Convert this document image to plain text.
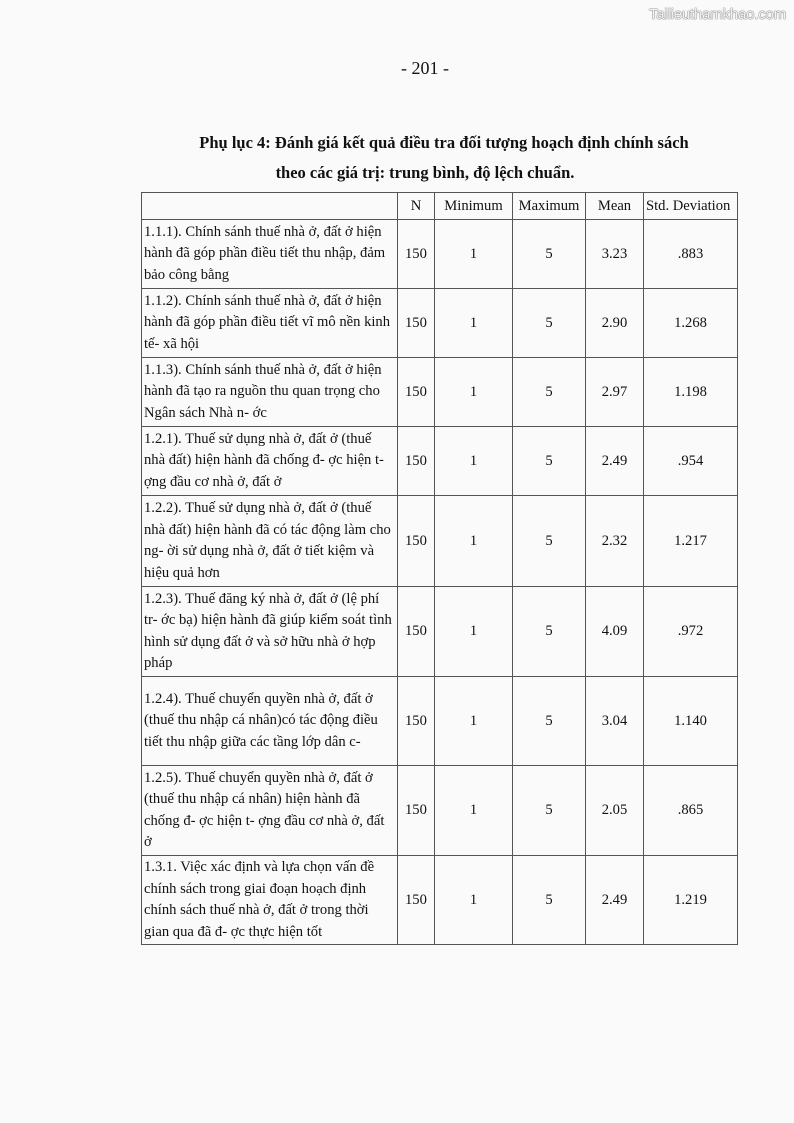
Tailieuthamkhao.com
- 201 -
Phụ lục 4: Đánh giá kết quả điều tra đối tượng hoạch định chính sách
theo các giá trị: trung bình, độ lệch chuẩn.
	N	Minimum	Maximum	Mean	Std. Deviation
1.1.1). Chính sánh thuế nhà ở, đất ở hiện hành đã góp phần điều tiết thu nhập, đảm bảo công bằng	150	1	5	3.23	.883
1.1.2). Chính sánh thuế nhà ở, đất ở hiện hành đã góp phần điều tiết vĩ mô nền kinh tế- xã hội	150	1	5	2.90	1.268
1.1.3). Chính sánh thuế nhà ở, đất ở hiện hành đã tạo ra nguồn thu quan trọng cho Ngân sách Nhà n- ớc	150	1	5	2.97	1.198
1.2.1). Thuế sử dụng nhà ở, đất ở (thuế nhà đất) hiện hành đã chống đ- ợc hiện t- ợng đầu cơ nhà ở, đất ở	150	1	5	2.49	.954
1.2.2). Thuế sử dụng nhà ở, đất ở (thuế nhà đất) hiện hành đã có tác động làm cho ng- ời sử dụng nhà ở, đất ở tiết kiệm và hiệu quả hơn	150	1	5	2.32	1.217
1.2.3). Thuế đăng ký nhà ở, đất ở (lệ phí tr- ớc bạ) hiện hành đã giúp kiểm soát tình hình sử dụng đất ở và sở hữu nhà ở hợp pháp	150	1	5	4.09	.972
1.2.4). Thuế chuyển quyền nhà ở, đất ở (thuế thu nhập cá nhân)có tác động điều tiết thu nhập giữa các tầng lớp dân c-	150	1	5	3.04	1.140
1.2.5). Thuế chuyển quyền nhà ở, đất ở (thuế thu nhập cá nhân) hiện hành đã chống đ- ợc hiện t- ợng đầu cơ nhà ở, đất ở	150	1	5	2.05	.865
1.3.1. Việc xác định và lựa chọn vấn đề chính sách trong giai đoạn hoạch định chính sách thuế nhà ở, đất ở trong thời gian qua đã đ- ợc thực hiện tốt	150	1	5	2.49	1.219
